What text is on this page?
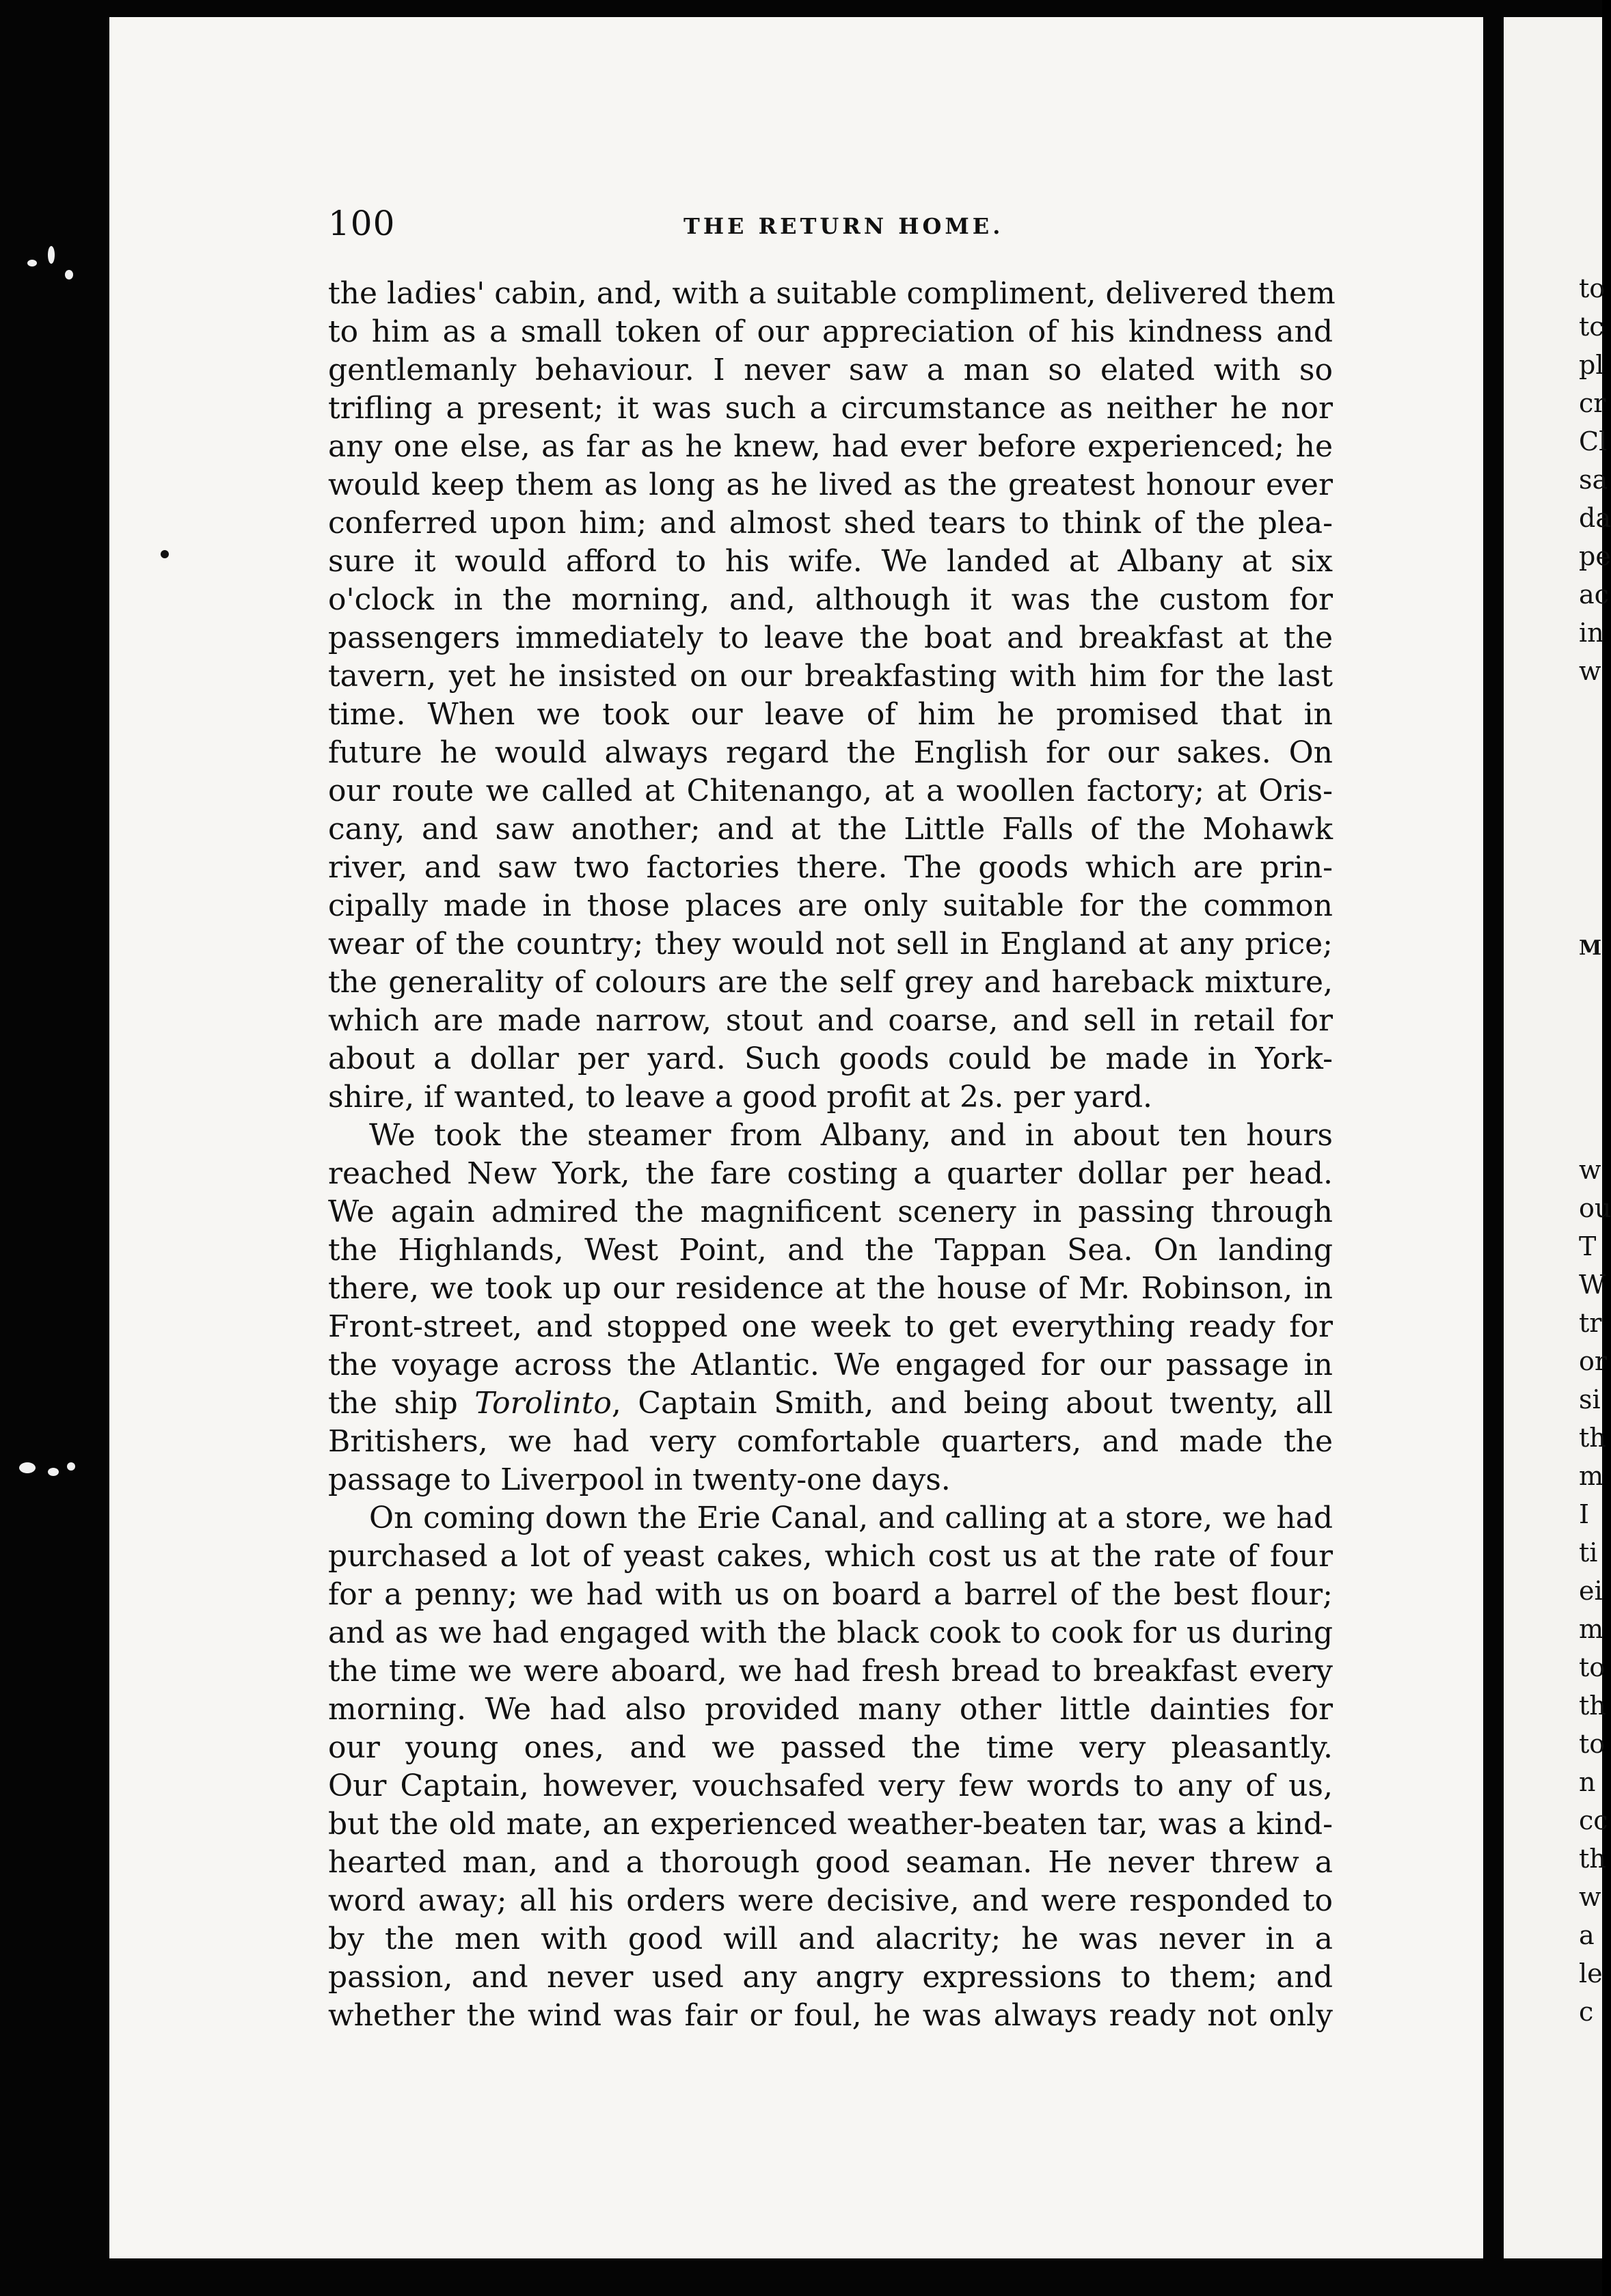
100	THE RETURN HOME.
the ladies' cabin, and, with a suitable compliment, delivered them
to him as a small token of our appreciation of his kindness and
gentlemanly behaviour. I never saw a man so elated with so
trifling a present; it was such a circumstance as neither he nor
any one else, as far as he knew, had ever before experienced; he
would keep them as long as he lived as the greatest honour ever
conferred upon him; and almost shed tears to think of the plea-
sure it would afford to his wife. We landed at Albany at six
o'clock in the morning, and, although it was the custom for
passengers immediately to leave the boat and breakfast at the
tavern, yet he insisted on our breakfasting with him for the last
time. When we took our leave of him he promised that in
future he would always regard the English for our sakes. On
our route we called at Chitenango, at a woollen factory; at Oris-
cany, and saw another; and at the Little Falls of the Mohawk
river, and saw two factories there. The goods which are prin-
cipally made in those places are only suitable for the common
wear of the country; they would not sell in England at any price;
the generality of colours are the self grey and hareback mixture,
which are made narrow, stout and coarse, and sell in retail for
about a dollar per yard. Such goods could be made in York-
shire, if wanted, to leave a good profit at 2s. per yard.
We took the steamer from Albany, and in about ten hours
reached New York, the fare costing a quarter dollar per head.
We again admired the magnificent scenery in passing through
the Highlands, West Point, and the Tappan Sea. On landing
there, we took up our residence at the house of Mr. Robinson, in
Front-street, and stopped one week to get everything ready for
the voyage across the Atlantic. We engaged for our passage in
the ship Torolinto, Captain Smith, and being about twenty, all
Britishers, we had very comfortable quarters, and made the
passage to Liverpool in twenty-one days.
On coming down the Erie Canal, and calling at a store, we had
purchased a lot of yeast cakes, which cost us at the rate of four
for a penny; we had with us on board a barrel of the best flour;
and as we had engaged with the black cook to cook for us during
the time we were aboard, we had fresh bread to breakfast every
morning. We had also provided many other little dainties for
our young ones, and we passed the time very pleasantly.
Our Captain, however, vouchsafed very few words to any of us,
but the old mate, an experienced weather-beaten tar, was a kind-
hearted man, and a thorough good seaman. He never threw a
word away; all his orders were decisive, and were responded to
by the men with good will and alacrity; he was never in a
passion, and never used any angry expressions to them; and
whether the wind was fair or foul, he was always ready not only
to
tc
pl
cr
Cl
sa
da
pe
ac
in
w
M
w
ou
T
W
tr
or
si
th
m
I
ti
ei
m
to
th
to
n
cc
th
w
a
le
c
